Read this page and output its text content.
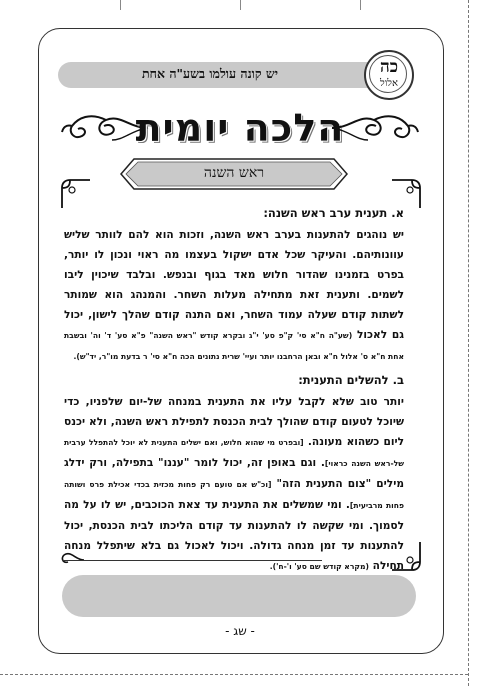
יש קונה עולמו בשע"ה אחת	כה
אלול
הלכה יומית
ראש השנה

א. תענית ערב ראש השנה:

יש נוהגים להתענות בערב ראש השנה, וזכות הוא להם לוותר שליש עוונותיהם. והעיקר שכל אדם ישקול בעצמו מה ראוי ונכון לו יותר, בפרט בזמנינו שהדור חלוש מאד בגוף ובנפש. ובלבד שיכוין ליבו לשמים. ותענית זאת מתחילה מעלות השחר. והמנהג הוא שמותר לשתות קודם שעלה עמוד השחר, ואם התנה קודם שהלך לישון, יכול גם לאכול (שע"ה ח"א סי' ק"פ סע' י"ג ובקרא קודש "ראש השנה" פ"א סע' ד' וה' ובשבת אחת ח"א ס' אלול ח"א ובאן הרחבנו יותר ועיי' שרית נתונים הכה ח"א סי' ר בדעת מו"ר, יד"ש).

ב. להשלים התענית:

יותר טוב שלא לקבל עליו את התענית במנחה של-יום שלפניו, כדי שיוכל לטעום קודם שהולך לבית הכנסת לתפילת ראש השנה, ולא יכנס ליום כשהוא מעונה. [ובפרט מי שהוא חלוש, ואם ישלים התענית לא יוכל להתפלל ערבית של-ראש השנה כראוי]. וגם באופן זה, יכול לומר "עננו" בתפילה, ורק ידלג מילים "צום התענית הזה" [וכ"ש אם טועם רק פחות מכזית בכדי אכילת פרס ושותה פחות מרביעית]. ומי שמשלים את התענית עד צאת הכוכבים, יש לו על מה לסמוך. ומי שקשה לו להתענות עד קודם הליכתו לבית הכנסת, יכול להתענות עד זמן מנחה גדולה. ויכול לאכול גם בלא שיתפלל מנחה תחילה (מקרא קודש שם סע' ו'-ח').

- שג -
